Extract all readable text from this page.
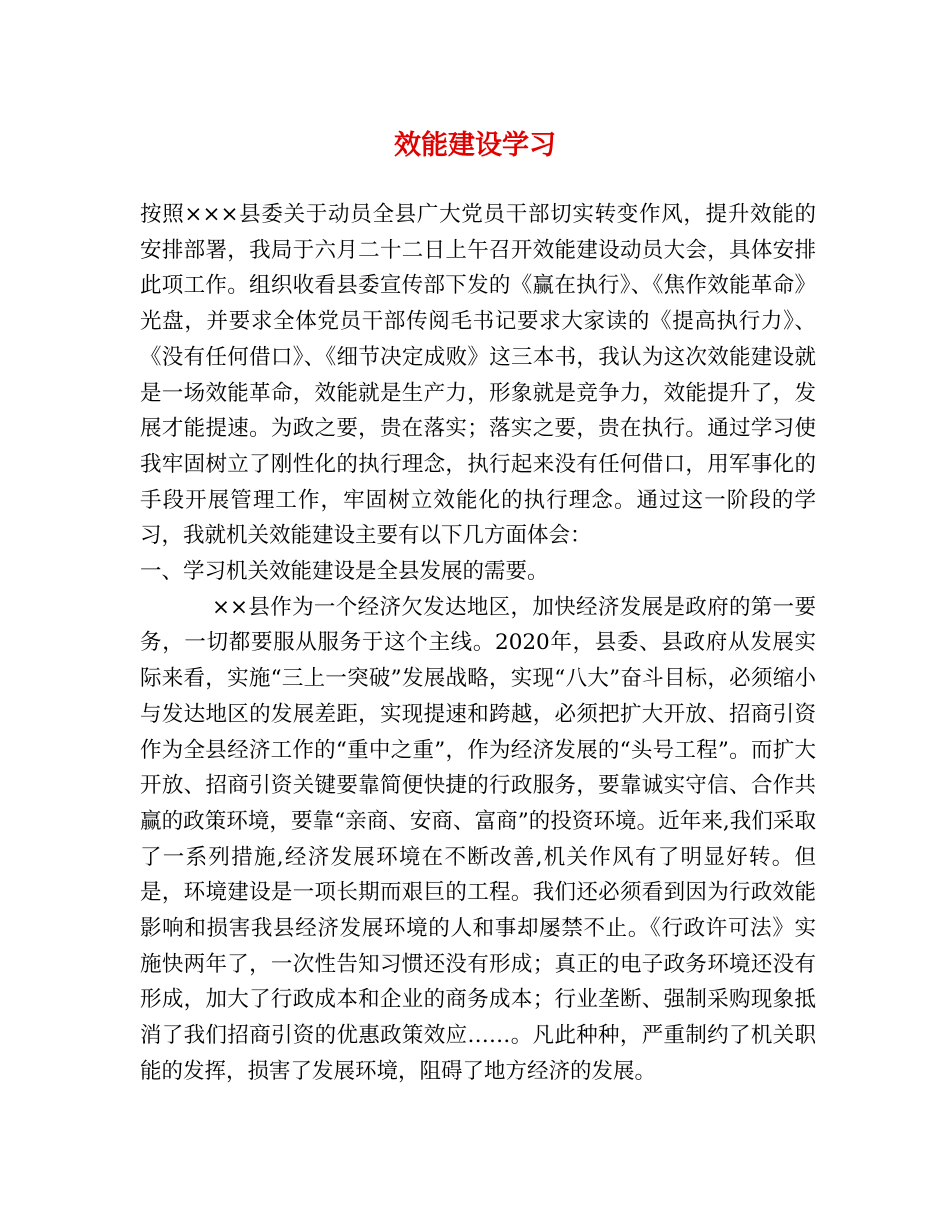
效能建设学习

按照×××县委关于动员全县广大党员干部切实转变作风，提升效能的安排部署，我局于六月二十二日上午召开效能建设动员大会，具体安排此项工作。组织收看县委宣传部下发的《赢在执行》、《焦作效能革命》光盘，并要求全体党员干部传阅毛书记要求大家读的《提高执行力》、《没有任何借口》、《细节决定成败》这三本书，我认为这次效能建设就是一场效能革命，效能就是生产力，形象就是竞争力，效能提升了，发展才能提速。为政之要，贵在落实；落实之要，贵在执行。通过学习使我牢固树立了刚性化的执行理念，执行起来没有任何借口，用军事化的手段开展管理工作，牢固树立效能化的执行理念。通过这一阶段的学习，我就机关效能建设主要有以下几方面体会：

一、学习机关效能建设是全县发展的需要。

××县作为一个经济欠发达地区，加快经济发展是政府的第一要务，一切都要服从服务于这个主线。2020年，县委、县政府从发展实际来看，实施“三上一突破”发展战略，实现“八大”奋斗目标，必须缩小与发达地区的发展差距，实现提速和跨越，必须把扩大开放、招商引资作为全县经济工作的“重中之重”，作为经济发展的“头号工程”。而扩大开放、招商引资关键要靠简便快捷的行政服务，要靠诚实守信、合作共赢的政策环境，要靠“亲商、安商、富商”的投资环境。近年来,我们采取了一系列措施,经济发展环境在不断改善,机关作风有了明显好转。但是，环境建设是一项长期而艰巨的工程。我们还必须看到因为行政效能影响和损害我县经济发展环境的人和事却屡禁不止。《行政许可法》实施快两年了，一次性告知习惯还没有形成；真正的电子政务环境还没有形成，加大了行政成本和企业的商务成本；行业垄断、强制采购现象抵消了我们招商引资的优惠政策效应……。凡此种种，严重制约了机关职能的发挥，损害了发展环境，阻碍了地方经济的发展。
